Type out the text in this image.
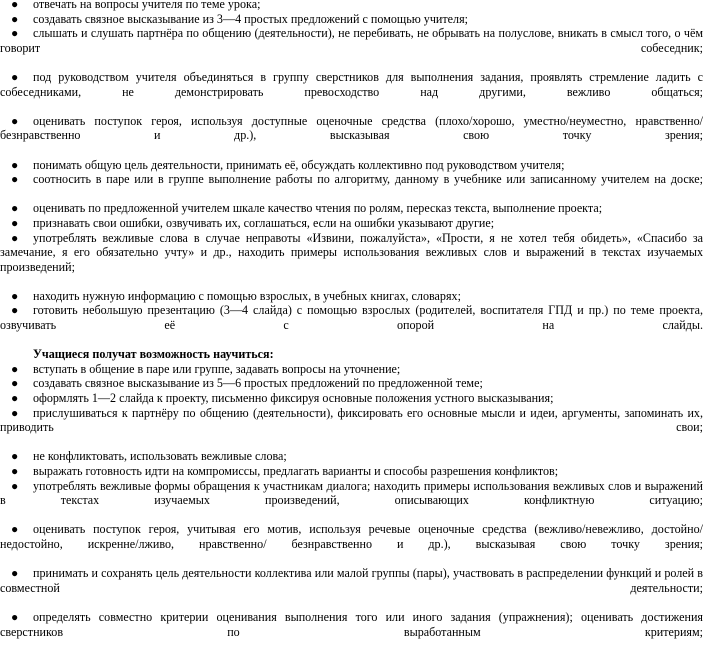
● отвечать на вопросы учителя по теме урока;

● создавать связное высказывание из 3—4 простых предложений с помощью учителя;

● слышать и слушать партнёра по общению (деятельности), не перебивать, не обрывать на полуслове, вникать в смысл того, о чём говорит собеседник;

● под руководством учителя объединяться в группу сверстников для выполнения задания, проявлять стремление ладить с собеседниками, не демонстрировать превосходство над другими, вежливо общаться;

● оценивать поступок героя, используя доступные оценочные средства (плохо/хорошо, уместно/неуместно, нравственно/безнравственно и др.), высказывая свою точку зрения;

● понимать общую цель деятельности, принимать её, обсуждать коллективно под руководством учителя;

● соотносить в паре или в группе выполнение работы по алгоритму, данному в учебнике или записанному учителем на доске;

● оценивать по предложенной учителем шкале качество чтения по ролям, пересказ текста, выполнение проекта;

● признавать свои ошибки, озвучивать их, соглашаться, если на ошибки указывают другие;

● употреблять вежливые слова в случае неправоты «Извини, пожалуйста», «Прости, я не хотел тебя обидеть», «Спасибо за замечание, я его обязательно учту» и др., находить примеры использования вежливых слов и выражений в текстах изучаемых произведений;

● находить нужную информацию с помощью взрослых, в учебных книгах, словарях;

● готовить небольшую презентацию (3—4 слайда) с помощью взрослых (родителей, воспитателя ГПД и пр.) по теме проекта, озвучивать её с опорой на слайды.

Учащиеся получат возможность научиться:

● вступать в общение в паре или группе, задавать вопросы на уточнение;

● создавать связное высказывание из 5—6 простых предложений по предложенной теме;

● оформлять 1—2 слайда к проекту, письменно фиксируя основные положения устного высказывания;

● прислушиваться к партнёру по общению (деятельности), фиксировать его основные мысли и идеи, аргументы, запоминать их, приводить свои;

● не конфликтовать, использовать вежливые слова;

● выражать готовность идти на компромиссы, предлагать варианты и способы разрешения конфликтов;

● употреблять вежливые формы обращения к участникам диалога; находить примеры использования вежливых слов и выражений в текстах изучаемых произведений, описывающих конфликтную ситуацию;

● оценивать поступок героя, учитывая его мотив, используя речевые оценочные средства (вежливо/невежливо, достойно/недостойно, искренне/лживо, нравственно/ безнравственно и др.), высказывая свою точку зрения;

● принимать и сохранять цель деятельности коллектива или малой группы (пары), участвовать в распределении функций и ролей в совместной деятельности;

● определять совместно критерии оценивания выполнения того или иного задания (упражнения); оценивать достижения сверстников по выработанным критериям;
